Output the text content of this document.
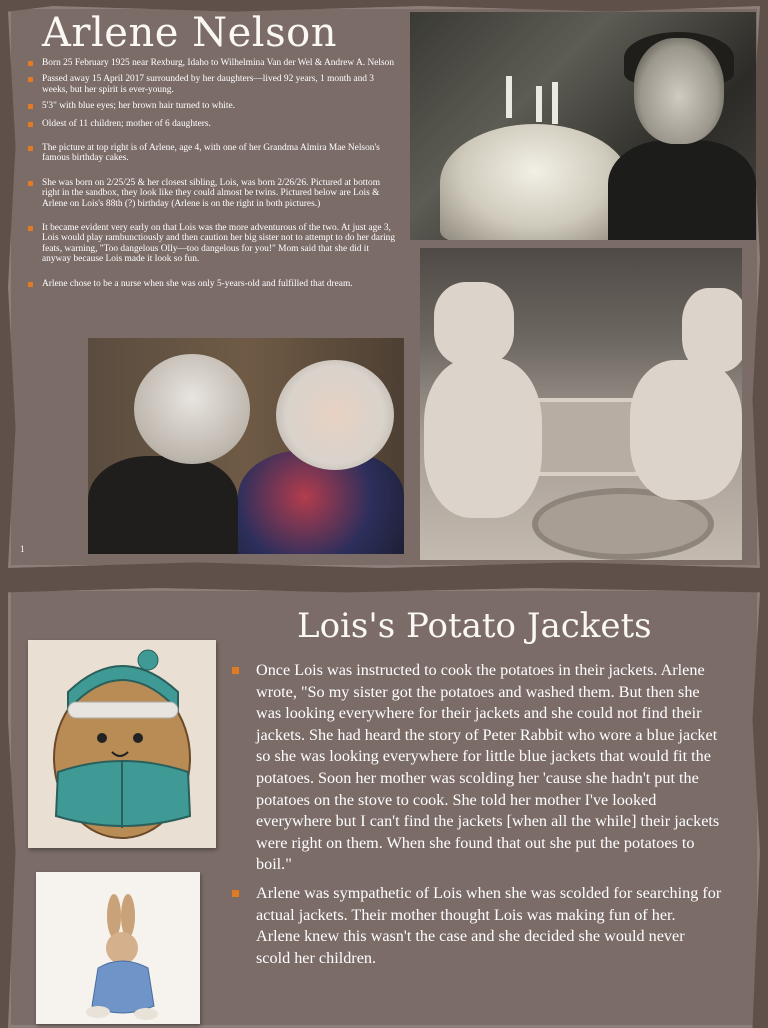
Arlene Nelson
Born 25 February 1925 near Rexburg, Idaho to Wilhelmina Van der Wel & Andrew A. Nelson
Passed away 15 April 2017 surrounded by her daughters—lived 92 years, 1 month and 3 weeks, but her spirit is ever-young.
5'3" with blue eyes; her brown hair turned to white.
Oldest of 11 children; mother of 6 daughters.
The picture at top right is of Arlene, age 4, with one of her Grandma Almira Mae Nelson's famous birthday cakes.
She was born on 2/25/25 & her closest sibling, Lois, was born 2/26/26. Pictured at bottom right in the sandbox, they look like they could almost be twins. Pictured below are Lois & Arlene on Lois's 88th (?) birthday (Arlene is on the right in both pictures.)
It became evident very early on that Lois was the more adventurous of the two. At just age 3, Lois would play rambunctiously and then caution her big sister not to attempt to do her daring feats, warning, "Too dangelous Olly—too dangelous for you!" Mom said that she did it anyway because Lois made it look so fun.
Arlene chose to be a nurse when she was only 5-years-old and fulfilled that dream.
1
Lois's Potato Jackets
Once Lois was instructed to cook the potatoes in their jackets. Arlene wrote, "So my sister got the potatoes and washed them. But then she was looking everywhere for their jackets and she could not find their jackets. She had heard the story of Peter Rabbit who wore a blue jacket so she was looking everywhere for little blue jackets that would fit the potatoes. Soon her mother was scolding her 'cause she hadn't put the potatoes on the stove to cook. She told her mother I've looked everywhere but I can't find the jackets [when all the while] their jackets were right on them. When she found that out she put the potatoes to boil."
Arlene was sympathetic of Lois when she was scolded for searching for actual jackets. Their mother thought Lois was making fun of her. Arlene knew this wasn't the case and she decided she would never scold her children.
